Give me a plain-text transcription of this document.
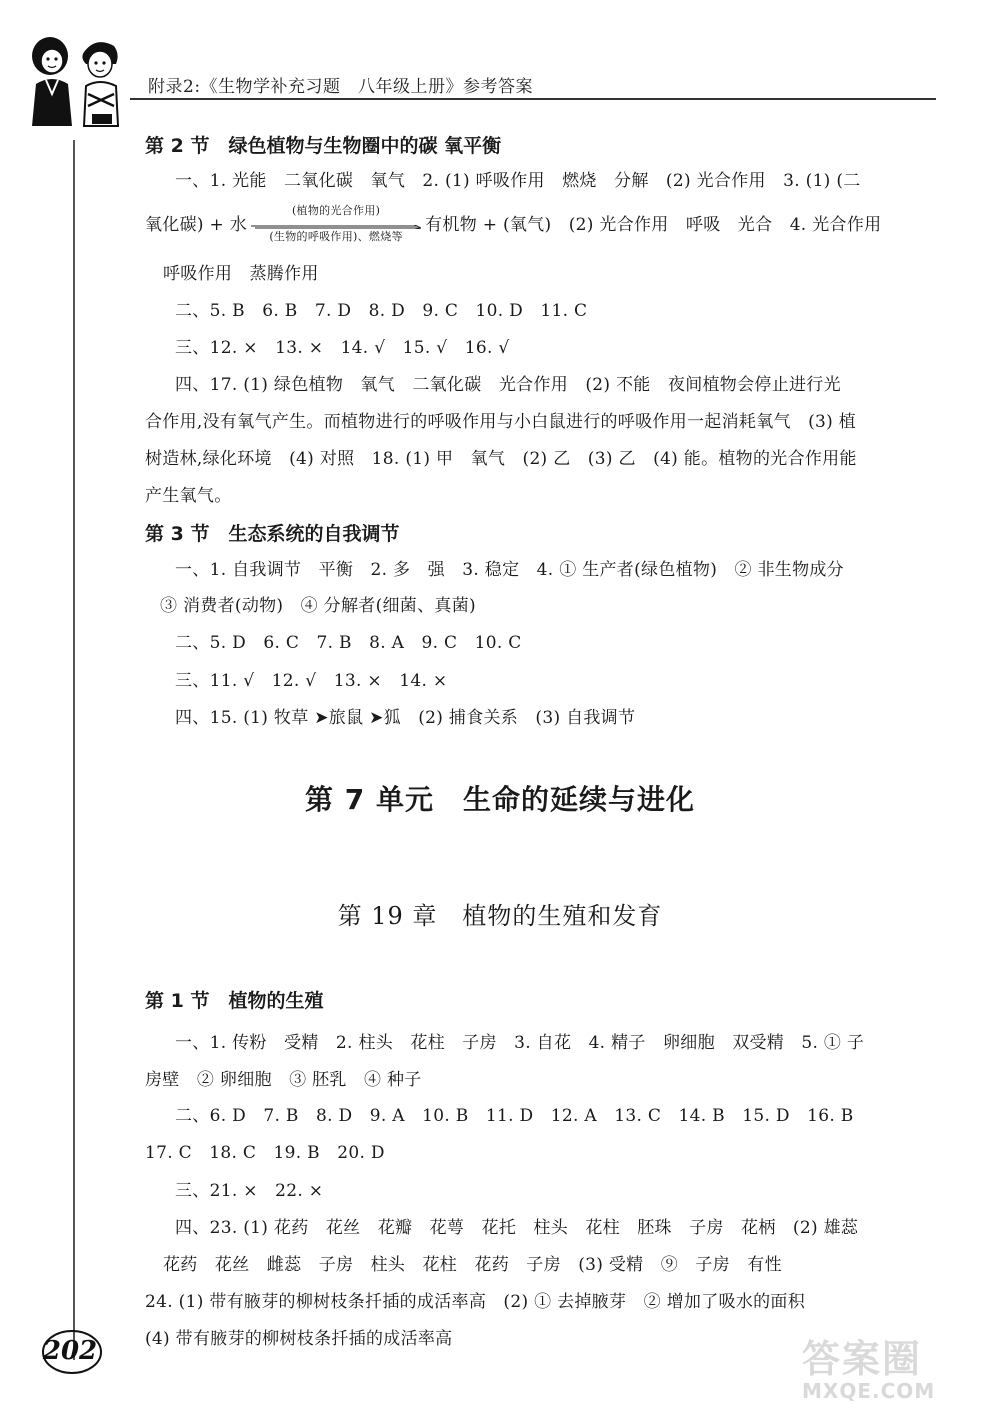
附录2:《生物学补充习题　八年级上册》参考答案
第 2 节　绿色植物与生物圈中的碳 氧平衡
一、1. 光能　二氧化碳　氧气　2. (1) 呼吸作用　燃烧　分解　(2) 光合作用　3. (1) (二
氧化碳) + 水
(植物的光合作用)
(生物的呼吸作用)、燃烧等
有机物 + (氧气)　(2) 光合作用　呼吸　光合　4. 光合作用
呼吸作用　蒸腾作用
二、5. B　6. B　7. D　8. D　9. C　10. D　11. C
三、12. ×　13. ×　14. √　15. √　16. √
四、17. (1) 绿色植物　氧气　二氧化碳　光合作用　(2) 不能　夜间植物会停止进行光
合作用,没有氧气产生。而植物进行的呼吸作用与小白鼠进行的呼吸作用一起消耗氧气　(3) 植
树造林,绿化环境　(4) 对照　18. (1) 甲　氧气　(2) 乙　(3) 乙　(4) 能。植物的光合作用能
产生氧气。
第 3 节　生态系统的自我调节
一、1. 自我调节　平衡　2. 多　强　3. 稳定　4. ① 生产者(绿色植物)　② 非生物成分
③ 消费者(动物)　④ 分解者(细菌、真菌)
二、5. D　6. C　7. B　8. A　9. C　10. C
三、11. √　12. √　13. ×　14. ×
四、15. (1) 牧草 ➤旅鼠 ➤狐　(2) 捕食关系　(3) 自我调节
第 7 单元　生命的延续与进化
第 19 章　植物的生殖和发育
第 1 节　植物的生殖
一、1. 传粉　受精　2. 柱头　花柱　子房　3. 自花　4. 精子　卵细胞　双受精　5. ① 子
房壁　② 卵细胞　③ 胚乳　④ 种子
二、6. D　7. B　8. D　9. A　10. B　11. D　12. A　13. C　14. B　15. D　16. B
17. C　18. C　19. B　20. D
三、21. ×　22. ×
四、23. (1) 花药　花丝　花瓣　花萼　花托　柱头　花柱　胚珠　子房　花柄　(2) 雄蕊
花药　花丝　雌蕊　子房　柱头　花柱　花药　子房　(3) 受精　⑨　子房　有性
24. (1) 带有腋芽的柳树枝条扦插的成活率高　(2) ① 去掉腋芽　② 增加了吸水的面积
(4) 带有腋芽的柳树枝条扦插的成活率高
202	答案圈
MXQE.COM
